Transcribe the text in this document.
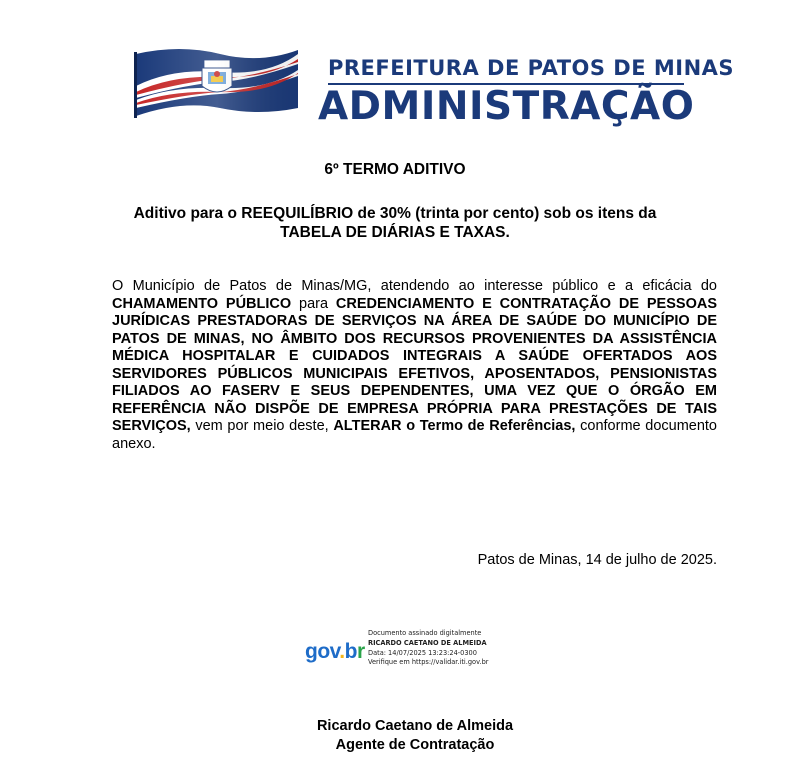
PREFEITURA DE PATOS DE MINAS
ADMINISTRAÇÃO
6º TERMO ADITIVO
Aditivo para o REEQUILÍBRIO de 30% (trinta por cento) sob os itens da
TABELA DE DIÁRIAS E TAXAS.
O Município de Patos de Minas/MG, atendendo ao interesse público e a eficácia do CHAMAMENTO PÚBLICO para CREDENCIAMENTO E CONTRATAÇÃO DE PESSOAS JURÍDICAS PRESTADORAS DE SERVIÇOS NA ÁREA DE SAÚDE DO MUNICÍPIO DE PATOS DE MINAS, NO ÂMBITO DOS RECURSOS PROVENIENTES DA ASSISTÊNCIA MÉDICA HOSPITALAR E CUIDADOS INTEGRAIS A SAÚDE OFERTADOS AOS SERVIDORES PÚBLICOS MUNICIPAIS EFETIVOS, APOSENTADOS, PENSIONISTAS FILIADOS AO FASERV E SEUS DEPENDENTES, UMA VEZ QUE O ÓRGÃO EM REFERÊNCIA NÃO DISPÕE DE EMPRESA PRÓPRIA PARA PRESTAÇÕES DE TAIS SERVIÇOS, vem por meio deste, ALTERAR o Termo de Referências, conforme documento anexo.
Patos de Minas, 14 de julho de 2025.
gov.br
Documento assinado digitalmente
RICARDO CAETANO DE ALMEIDA
Data: 14/07/2025 13:23:24-0300
Verifique em https://validar.iti.gov.br
Ricardo Caetano de Almeida
Agente de Contratação
